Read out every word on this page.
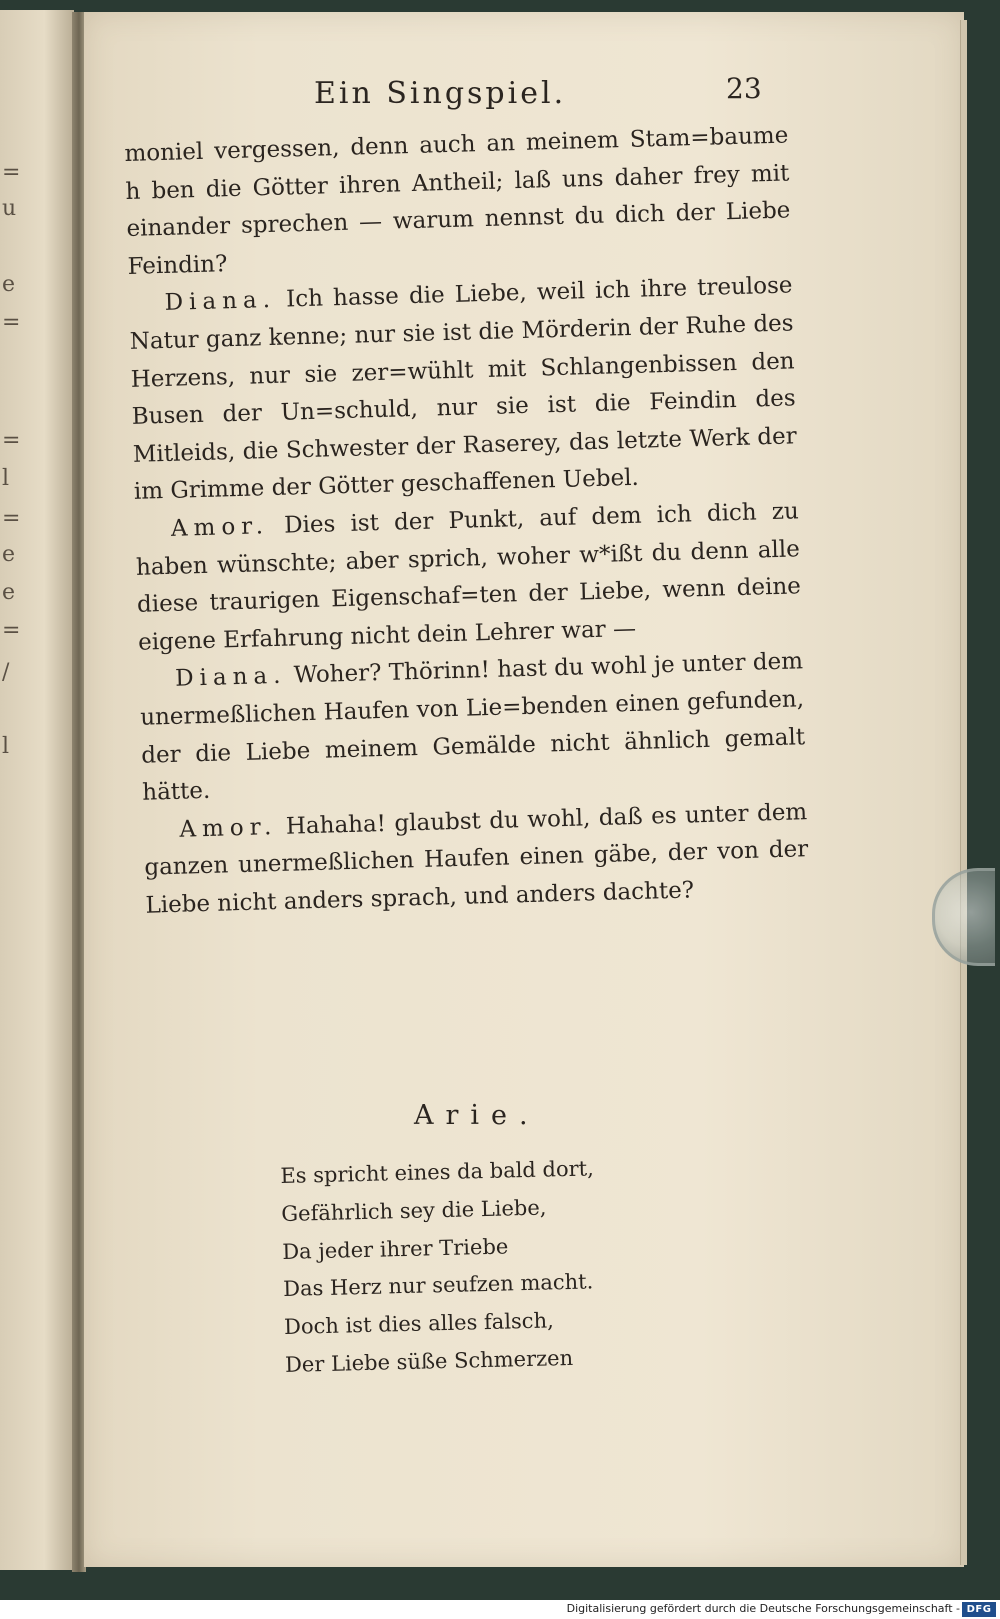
=
u
e
=
=
l
=
e
e
=
/
l
Ein Singspiel.	23

moniel vergessen, denn auch an meinem Stam=baume h ben die Götter ihren Antheil; laß uns daher frey mit einander sprechen — warum nennst du dich der Liebe Feindin?

Diana. Ich hasse die Liebe, weil ich ihre treulose Natur ganz kenne; nur sie ist die Mörderin der Ruhe des Herzens, nur sie zer=wühlt mit Schlangenbissen den Busen der Un=schuld, nur sie ist die Feindin des Mitleids, die Schwester der Raserey, das letzte Werk der im Grimme der Götter geschaffenen Uebel.

Amor. Dies ist der Punkt, auf dem ich dich zu haben wünschte; aber sprich, woher w*ißt du denn alle diese traurigen Eigenschaf=ten der Liebe, wenn deine eigene Erfahrung nicht dein Lehrer war —

Diana. Woher? Thörinn! hast du wohl je unter dem unermeßlichen Haufen von Lie=benden einen gefunden, der die Liebe meinem Gemälde nicht ähnlich gemalt hätte.

Amor. Hahaha! glaubst du wohl, daß es unter dem ganzen unermeßlichen Haufen einen gäbe, der von der Liebe nicht anders sprach, und anders dachte?

Arie.
Es spricht eines da bald dort,
Gefährlich sey die Liebe,
Da jeder ihrer Triebe
Das Herz nur seufzen macht.
Doch ist dies alles falsch,
Der Liebe süße Schmerzen
Digitalisierung gefördert durch die Deutsche Forschungsgemeinschaft - DFG
